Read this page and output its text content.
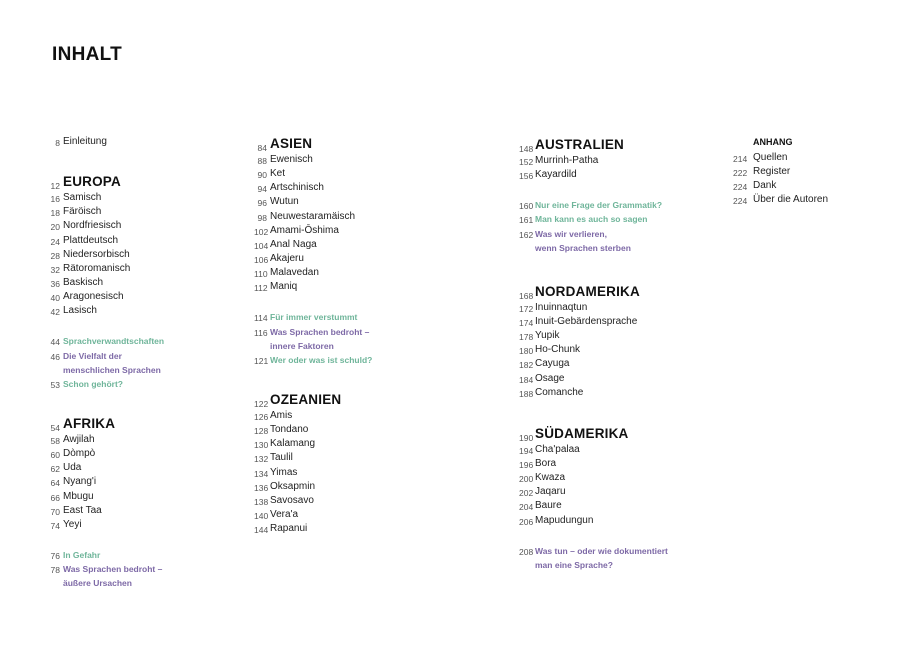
INHALT
8 Einleitung
12 EUROPA
16 Samisch
18 Färöisch
20 Nordfriesisch
24 Plattdeutsch
28 Niedersorbisch
32 Rätoromanisch
36 Baskisch
40 Aragonesisch
42 Lasisch
44 Sprachverwandtschaften
46 Die Vielfalt der
menschlichen Sprachen
53 Schon gehört?
54 AFRIKA
58 Awjilah
60 Dòmpò
62 Uda
64 Nyang'i
66 Mbugu
70 East Taa
74 Yeyi
76 In Gefahr
78 Was Sprachen bedroht –
äußere Ursachen
84 ASIEN
88 Ewenisch
90 Ket
94 Artschinisch
96 Wutun
98 Neuwestaramäisch
102 Amami-Ōshima
104 Anal Naga
106 Akajeru
110 Malavedan
112 Maniq
114 Für immer verstummt
116 Was Sprachen bedroht –
innere Faktoren
121 Wer oder was ist schuld?
122 OZEANIEN
126 Amis
128 Tondano
130 Kalamang
132 Taulil
134 Yimas
136 Oksapmin
138 Savosavo
140 Vera'a
144 Rapanui
148 AUSTRALIEN
152 Murrinh-Patha
156 Kayardild
160 Nur eine Frage der Grammatik?
161 Man kann es auch so sagen
162 Was wir verlieren,
wenn Sprachen sterben
168 NORDAMERIKA
172 Inuinnaqtun
174 Inuit-Gebärdensprache
178 Yupik
180 Ho-Chunk
182 Cayuga
184 Osage
188 Comanche
190 SÜDAMERIKA
194 Cha'palaa
196 Bora
200 Kwaza
202 Jaqaru
204 Baure
206 Mapudungun
208 Was tun – oder wie dokumentiert
man eine Sprache?
ANHANG
214 Quellen
222 Register
224 Dank
224 Über die Autoren
